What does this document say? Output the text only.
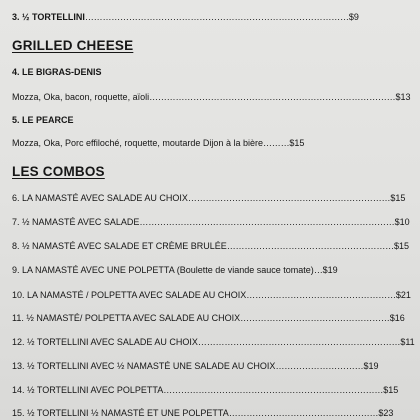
3. ½ TORTELLINI………………………………………………………………………………$9
GRILLED CHEESE
4. LE BIGRAS-DENIS
Mozza, Oka, bacon, roquette, aïoli…………………………………………………………………………$13
5. LE PEARCE
Mozza, Oka, Porc effiloché, roquette, moutarde Dijon à la bière………$15
LES COMBOS
6. LA NAMASTÉ AVEC SALADE AU CHOIX……………………………………………………………$15
7. ½ NAMASTÉ AVEC SALADE……………………………………………………………………………$10
8. ½ NAMASTÉ AVEC SALADE ET CRÈME BRULÉE…………………………………………………$15
9. LA NAMASTÉ AVEC UNE POLPETTA (Boulette de viande sauce tomate)…$19
10. LA NAMASTÉ / POLPETTA AVEC SALADE AU CHOIX……………………………………………$21
11. ½ NAMASTÉ/ POLPETTA AVEC SALADE AU CHOIX……………………………………………$16
12. ½ TORTELLINI AVEC SALADE AU CHOIX……………………………………………………………$11
13. ½ TORTELLINI AVEC ½ NAMASTÉ UNE SALADE AU CHOIX…………………………$19
14. ½ TORTELLINI AVEC POLPETTA…………………………………………………………………$15
15. ½ TORTELLINI ½ NAMASTÉ ET UNE POLPETTA……………………………………………$23
